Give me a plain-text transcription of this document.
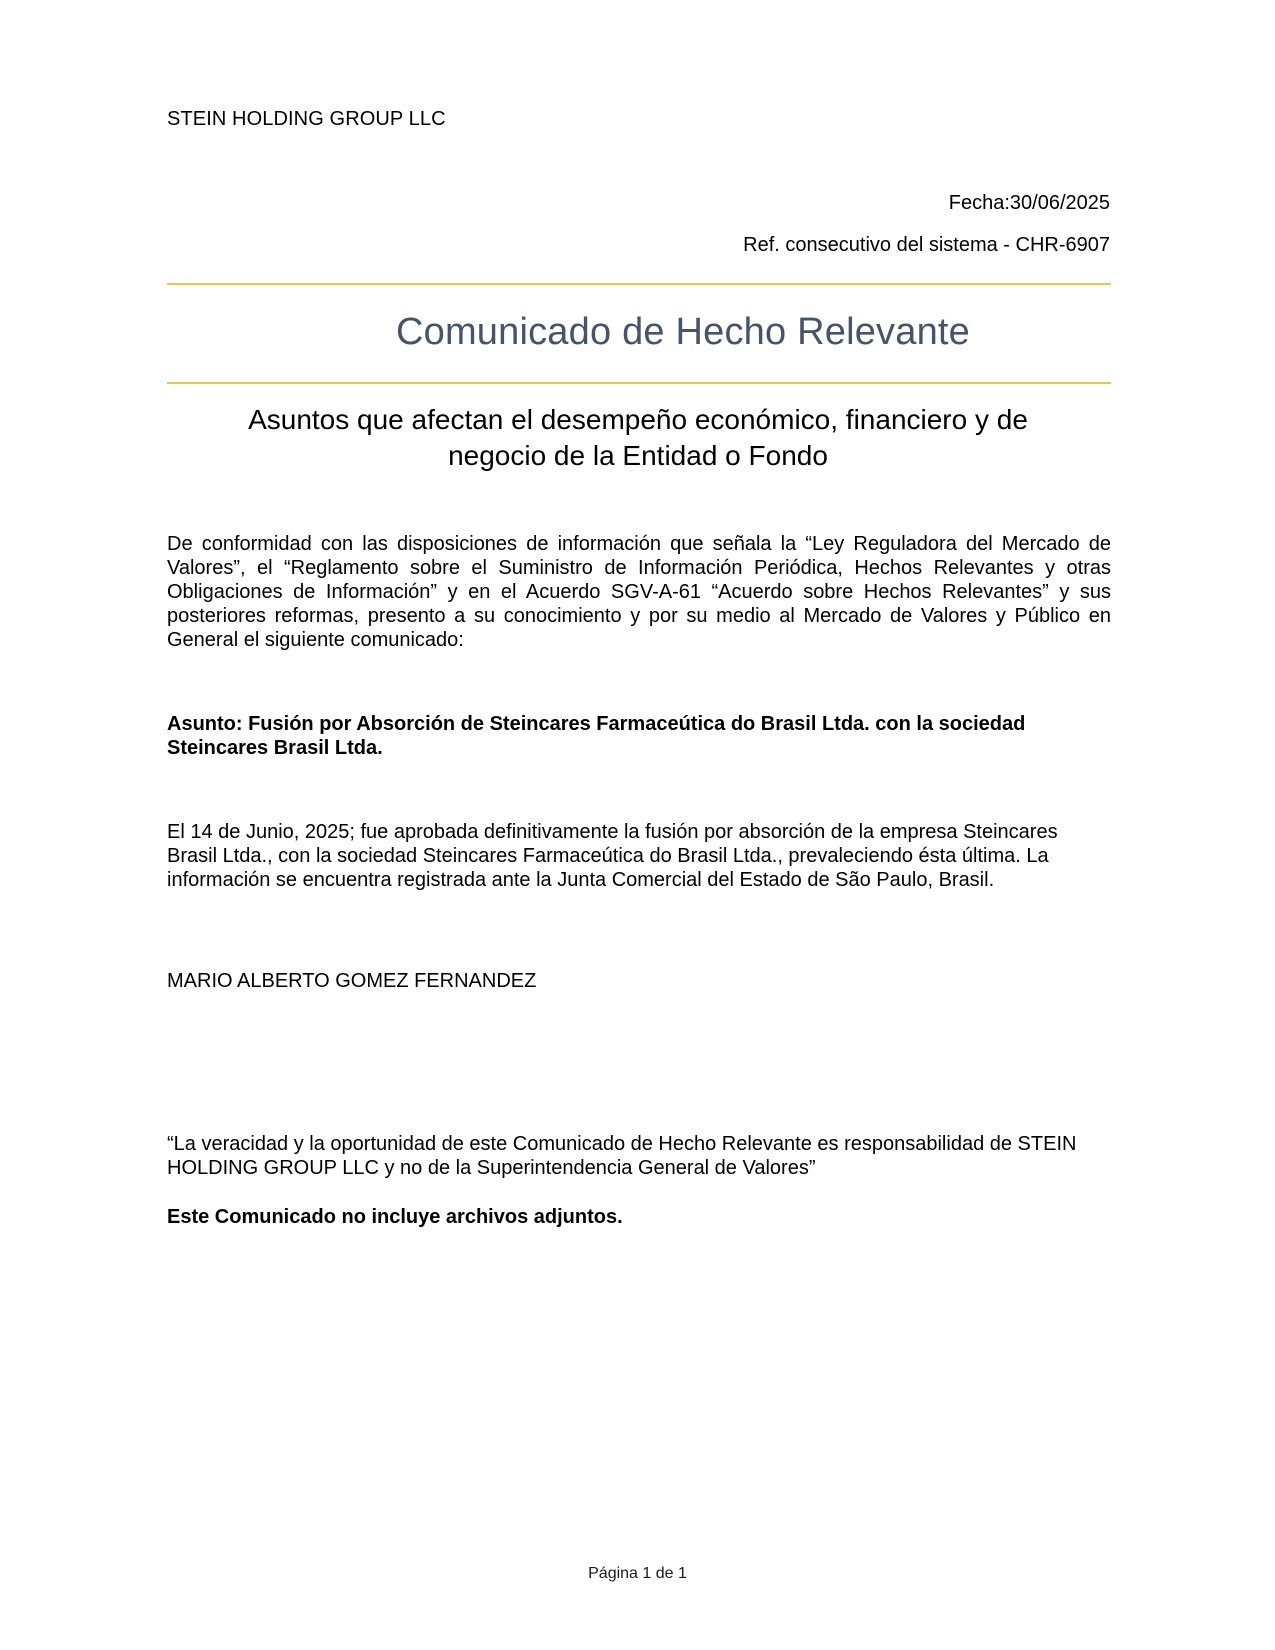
STEIN HOLDING GROUP LLC
Fecha:30/06/2025
Ref. consecutivo del sistema - CHR-6907
Comunicado de Hecho Relevante
Asuntos que afectan el desempeño económico, financiero y de
negocio de la Entidad o Fondo
De conformidad con las disposiciones de información que señala la “Ley Reguladora del Mercado de Valores”, el “Reglamento sobre el Suministro de Información Periódica, Hechos Relevantes y otras Obligaciones de Información” y en el Acuerdo SGV-A-61 “Acuerdo sobre Hechos Relevantes” y sus posteriores reformas, presento a su conocimiento y por su medio al Mercado de Valores y Público en General el siguiente comunicado:
Asunto: Fusión por Absorción de Steincares Farmaceútica do Brasil Ltda. con la sociedad Steincares Brasil Ltda.
El 14 de Junio, 2025; fue aprobada definitivamente la fusión por absorción de la empresa Steincares Brasil Ltda., con la sociedad Steincares Farmaceútica do Brasil Ltda., prevaleciendo ésta última. La información se encuentra registrada ante la Junta Comercial del Estado de São Paulo, Brasil.
MARIO ALBERTO GOMEZ FERNANDEZ
“La veracidad y la oportunidad de este Comunicado de Hecho Relevante es responsabilidad de STEIN HOLDING GROUP LLC y no de la Superintendencia General de Valores”
Este Comunicado no incluye archivos adjuntos.
Página 1 de 1
